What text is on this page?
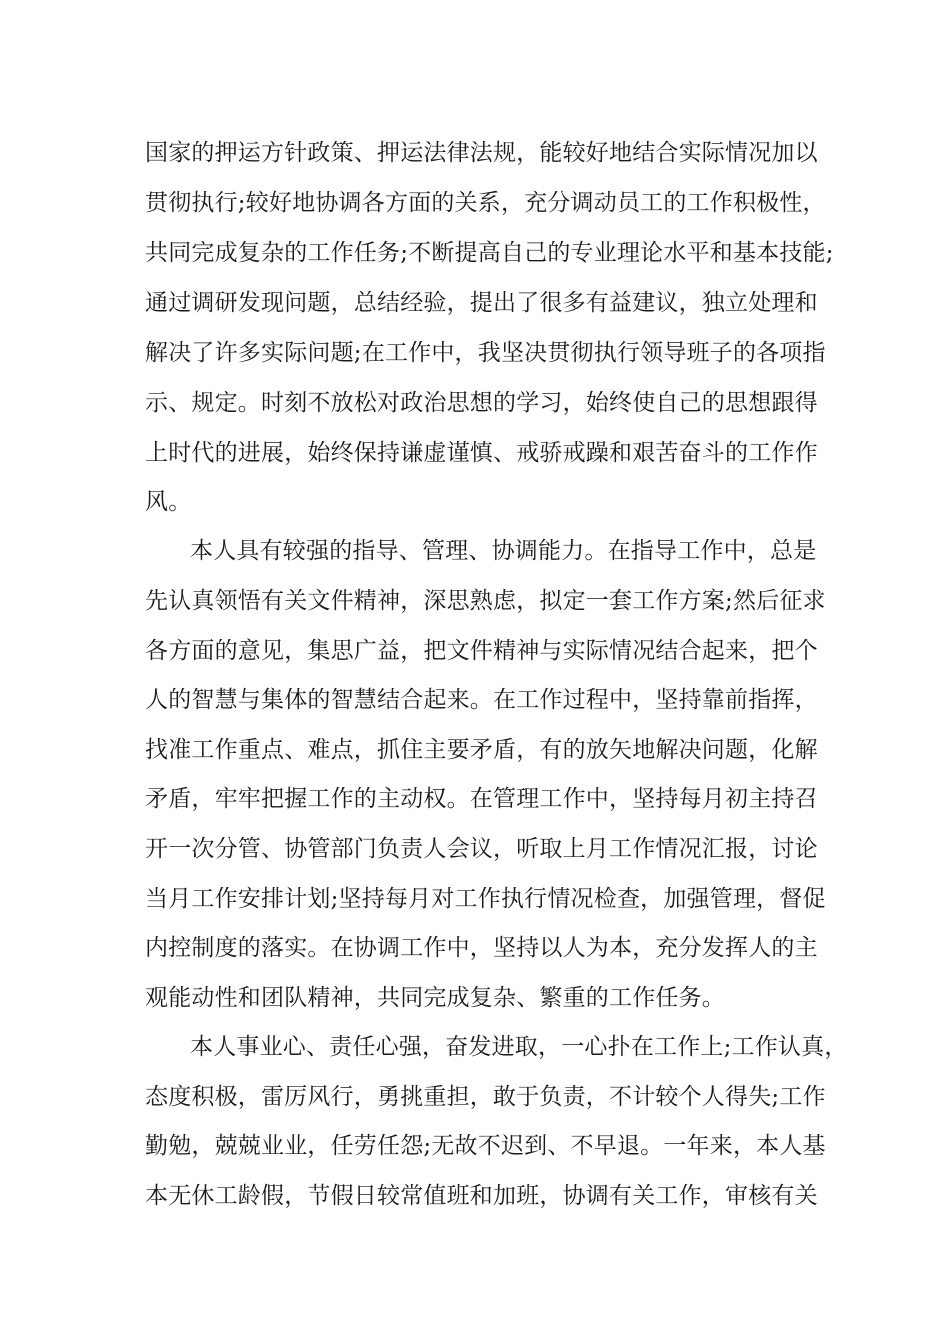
国家的押运方针政策、押运法律法规，能较好地结合实际情况加以
贯彻执行;较好地协调各方面的关系，充分调动员工的工作积极性，
共同完成复杂的工作任务;不断提高自己的专业理论水平和基本技能;
通过调研发现问题，总结经验，提出了很多有益建议，独立处理和
解决了许多实际问题;在工作中，我坚决贯彻执行领导班子的各项指
示、规定。时刻不放松对政治思想的学习，始终使自己的思想跟得
上时代的进展，始终保持谦虚谨慎、戒骄戒躁和艰苦奋斗的工作作
风。
本人具有较强的指导、管理、协调能力。在指导工作中，总是
先认真领悟有关文件精神，深思熟虑，拟定一套工作方案;然后征求
各方面的意见，集思广益，把文件精神与实际情况结合起来，把个
人的智慧与集体的智慧结合起来。在工作过程中，坚持靠前指挥，
找准工作重点、难点，抓住主要矛盾，有的放矢地解决问题，化解
矛盾，牢牢把握工作的主动权。在管理工作中，坚持每月初主持召
开一次分管、协管部门负责人会议，听取上月工作情况汇报，讨论
当月工作安排计划;坚持每月对工作执行情况检查，加强管理，督促
内控制度的落实。在协调工作中，坚持以人为本，充分发挥人的主
观能动性和团队精神，共同完成复杂、繁重的工作任务。
本人事业心、责任心强，奋发进取，一心扑在工作上;工作认真，
态度积极，雷厉风行，勇挑重担，敢于负责，不计较个人得失;工作
勤勉，兢兢业业，任劳任怨;无故不迟到、不早退。一年来，本人基
本无休工龄假，节假日较常值班和加班，协调有关工作，审核有关
